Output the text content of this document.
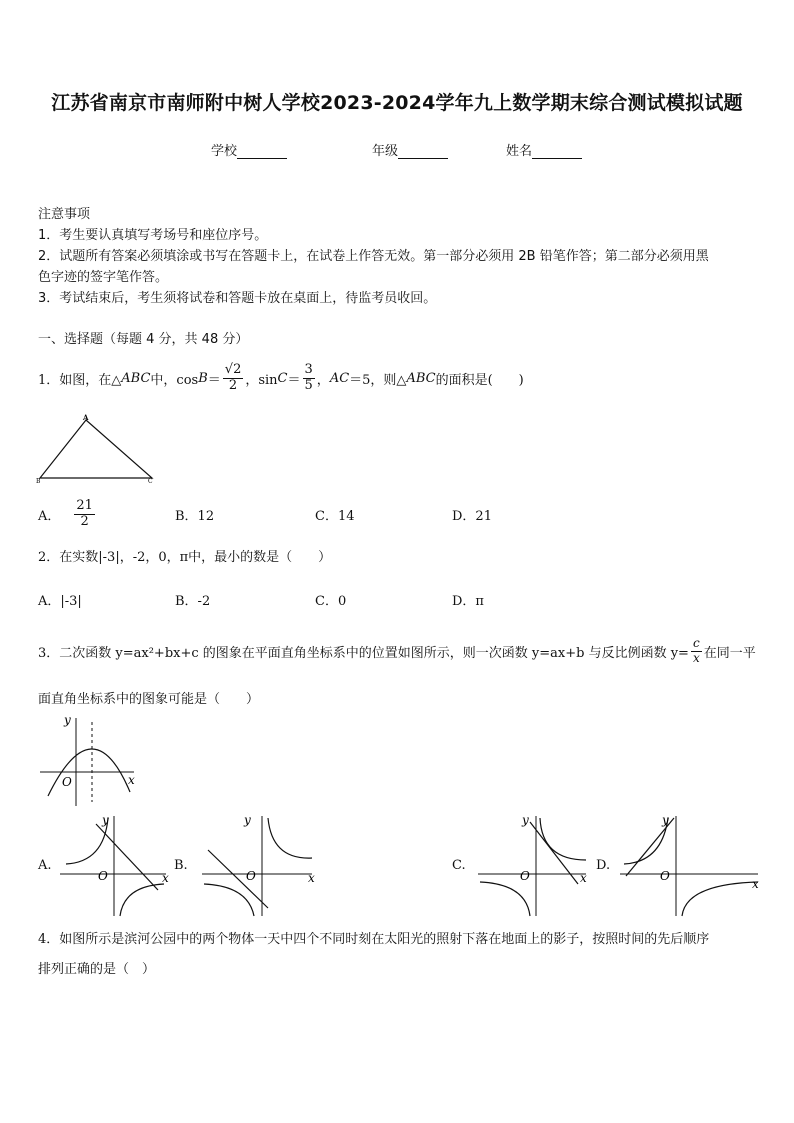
江苏省南京市南师附中树人学校2023-2024学年九上数学期末综合测试模拟试题
学校	年级	姓名
注意事项
1．考生要认真填写考场号和座位序号。
2．试题所有答案必须填涂或书写在答题卡上，在试卷上作答无效。第一部分必须用 2B 铅笔作答；第二部分必须用黑
色字迹的签字笔作答。
3．考试结束后，考生须将试卷和答题卡放在桌面上，待监考员收回。
一、选择题（每题 4 分，共 48 分）
1．如图，在△ ABC 中，$\cos B = \frac{√2}{2}$ ，$\sin C = \frac{3}{5}$ ， AC ＝5，则△ ABC 的面积是(　　)
A
B	C
A． $\frac{21}{2}$	B．12	C．14	D．21
2．在实数|-3|，-2，0，π中，最小的数是（　　）
A．|-3|	B．-2	C．0	D．π
3．二次函数 y=ax²+bx+c 的图象在平面直角坐标系中的位置如图所示，则一次函数 y=ax+b 与反比例函数 $y= \frac{c}{x}$ 在同一平
面直角坐标系中的图象可能是（　　）
y
x
O
A.
y
x
O
B.
y
x
O
C.
y
x
O
D.
y
x
O
4．如图所示是滨河公园中的两个物体一天中四个不同时刻在太阳光的照射下落在地面上的影子，按照时间的先后顺序
排列正确的是（　）
